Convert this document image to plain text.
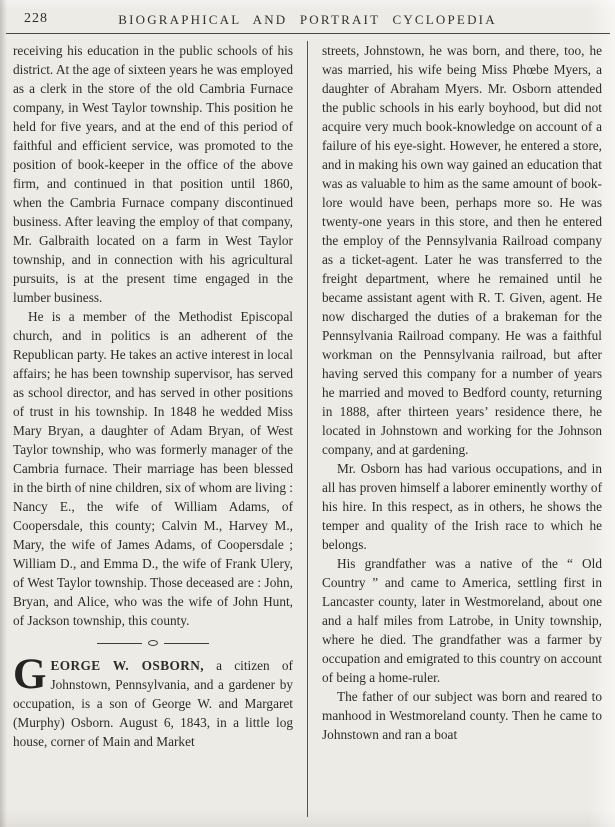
228	BIOGRAPHICAL AND PORTRAIT CYCLOPEDIA

receiving his education in the public schools of his district. At the age of sixteen years he was employed as a clerk in the store of the old Cambria Furnace company, in West Taylor township. This position he held for five years, and at the end of this period of faithful and efficient service, was promoted to the position of book-keeper in the office of the above firm, and continued in that position until 1860, when the Cambria Furnace company discontinued business. After leaving the employ of that company, Mr. Galbraith located on a farm in West Taylor township, and in connection with his agricultural pursuits, is at the present time engaged in the lumber business.

He is a member of the Methodist Episcopal church, and in politics is an adherent of the Republican party. He takes an active interest in local affairs; he has been township supervisor, has served as school director, and has served in other positions of trust in his township. In 1848 he wedded Miss Mary Bryan, a daughter of Adam Bryan, of West Taylor township, who was formerly manager of the Cambria furnace. Their marriage has been blessed in the birth of nine children, six of whom are living : Nancy E., the wife of William Adams, of Coopersdale, this county; Calvin M., Harvey M., Mary, the wife of James Adams, of Coopersdale ; William D., and Emma D., the wife of Frank Ulery, of West Taylor township. Those deceased are : John, Bryan, and Alice, who was the wife of John Hunt, of Jackson township, this county.

GEORGE W. OSBORN, a citizen of Johnstown, Pennsylvania, and a gardener by occupation, is a son of George W. and Margaret (Murphy) Osborn. August 6, 1843, in a little log house, corner of Main and Market

streets, Johnstown, he was born, and there, too, he was married, his wife being Miss Phœbe Myers, a daughter of Abraham Myers. Mr. Osborn attended the public schools in his early boyhood, but did not acquire very much book-knowledge on account of a failure of his eye-sight. However, he entered a store, and in making his own way gained an education that was as valuable to him as the same amount of book-lore would have been, perhaps more so. He was twenty-one years in this store, and then he entered the employ of the Pennsylvania Railroad company as a ticket-agent. Later he was transferred to the freight department, where he remained until he became assistant agent with R. T. Given, agent. He now discharged the duties of a brakeman for the Pennsylvania Railroad company. He was a faithful workman on the Pennsylvania railroad, but after having served this company for a number of years he married and moved to Bedford county, returning in 1888, after thirteen years’ residence there, he located in Johnstown and working for the Johnson company, and at gardening.

Mr. Osborn has had various occupations, and in all has proven himself a laborer eminently worthy of his hire. In this respect, as in others, he shows the temper and quality of the Irish race to which he belongs.

His grandfather was a native of the “ Old Country ” and came to America, settling first in Lancaster county, later in Westmoreland, about one and a half miles from Latrobe, in Unity township, where he died. The grandfather was a farmer by occupation and emigrated to this country on account of being a home-ruler.

The father of our subject was born and reared to manhood in Westmoreland county. Then he came to Johnstown and ran a boat
